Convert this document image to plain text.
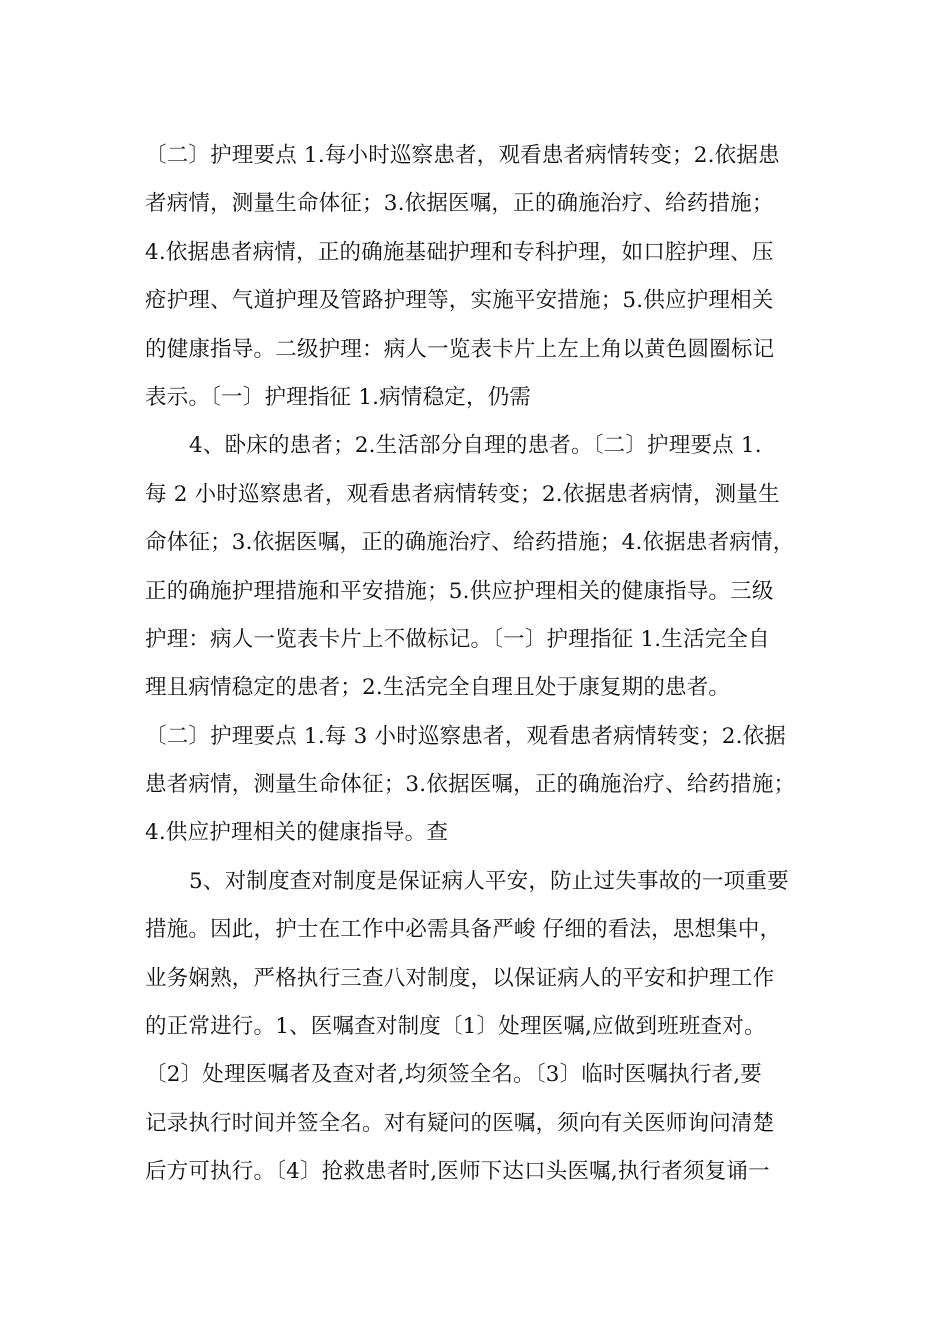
〔二〕护理要点 1.每小时巡察患者，观看患者病情转变；2.依据患
者病情，测量生命体征；3.依据医嘱，正的确施治疗、给药措施；
4.依据患者病情，正的确施基础护理和专科护理，如口腔护理、压
疮护理、气道护理及管路护理等，实施平安措施；5.供应护理相关
的健康指导。二级护理：病人一览表卡片上左上角以黄色圆圈标记
表示。〔一〕护理指征 1.病情稳定，仍需
4、卧床的患者；2.生活部分自理的患者。〔二〕护理要点 1.
每 2 小时巡察患者，观看患者病情转变；2.依据患者病情，测量生
命体征；3.依据医嘱，正的确施治疗、给药措施；4.依据患者病情，
正的确施护理措施和平安措施；5.供应护理相关的健康指导。三级
护理：病人一览表卡片上不做标记。〔一〕护理指征 1.生活完全自
理且病情稳定的患者；2.生活完全自理且处于康复期的患者。
〔二〕护理要点 1.每 3 小时巡察患者，观看患者病情转变；2.依据
患者病情，测量生命体征；3.依据医嘱，正的确施治疗、给药措施；
4.供应护理相关的健康指导。查
5、对制度查对制度是保证病人平安，防止过失事故的一项重要
措施。因此，护士在工作中必需具备严峻 仔细的看法，思想集中，
业务娴熟，严格执行三查八对制度，以保证病人的平安和护理工作
的正常进行。1、医嘱查对制度〔1〕处理医嘱,应做到班班查对。
〔2〕处理医嘱者及查对者,均须签全名。〔3〕临时医嘱执行者,要
记录执行时间并签全名。对有疑问的医嘱，须向有关医师询问清楚
后方可执行。〔4〕抢救患者时,医师下达口头医嘱,执行者须复诵一
